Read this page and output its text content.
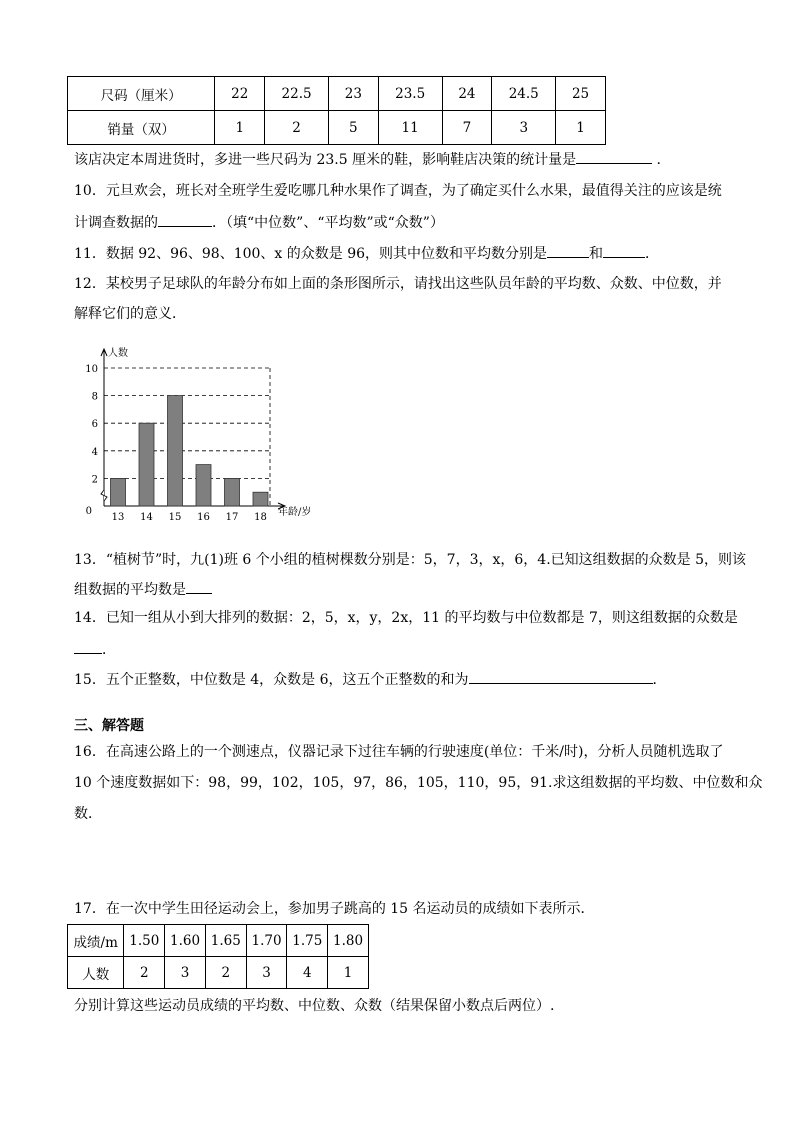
尺码（厘米）	22	22.5	23	23.5	24	24.5	25
销量（双）	1	2	5	11	7	3	1
该店决定本周进货时，多进一些尺码为 23.5 厘米的鞋，影响鞋店决策的统计量是	.
10．元旦欢会，班长对全班学生爱吃哪几种水果作了调查，为了确定买什么水果，最值得关注的应该是统
计调查数据的	．（填“中位数”、“平均数”或“众数”）
11．数据 92、96、98、100、x 的众数是 96，则其中位数和平均数分别是	和	．
12．某校男子足球队的年龄分布如上面的条形图所示，请找出这些队员年龄的平均数、众数、中位数，并
解释它们的意义．
2
4
6
8
10
人数
0	年龄/岁
13 14 15 16 17 18
13．“植树节”时，九(1)班 6 个小组的植树棵数分别是：5，7，3，x，6，4.已知这组数据的众数是 5，则该
组数据的平均数是
14．已知一组从小到大排列的数据：2，5，x，y，2x，11 的平均数与中位数都是 7，则这组数据的众数是
．
15．五个正整数，中位数是 4，众数是 6，这五个正整数的和为	．
三、解答题
16．在高速公路上的一个测速点，仪器记录下过往车辆的行驶速度(单位：千米/时)，分析人员随机选取了
10 个速度数据如下：98，99，102，105，97，86，105，110，95，91.求这组数据的平均数、中位数和众
数．
17．在一次中学生田径运动会上，参加男子跳高的 15 名运动员的成绩如下表所示．
成绩/m	1.50	1.60	1.65	1.70	1.75	1.80
人数	2	3	2	3	4	1
分别计算这些运动员成绩的平均数、中位数、众数（结果保留小数点后两位）.
